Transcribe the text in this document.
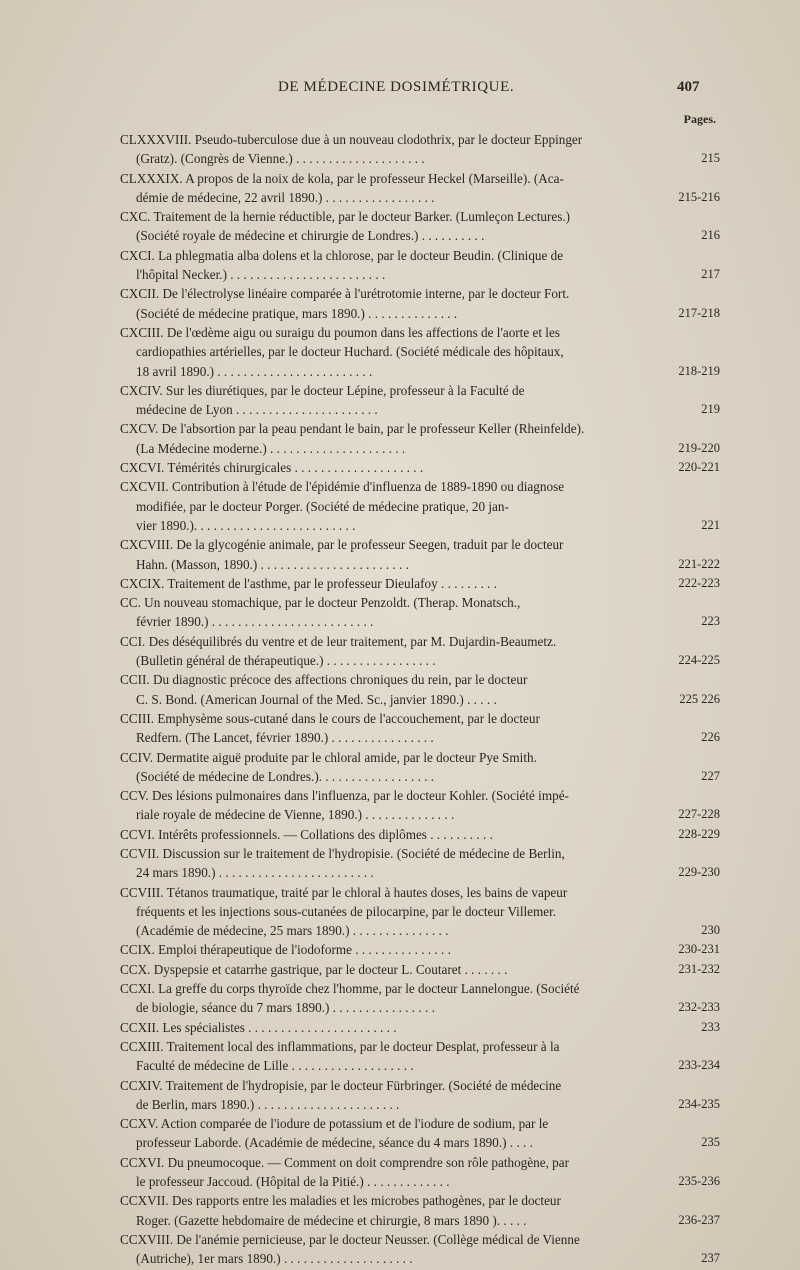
DE MÉDECINE DOSIMÉTRIQUE.	407
Pages.
CLXXXVIII. Pseudo-tuberculose due à un nouveau clodothrix, par le docteur Eppinger
(Gratz). (Congrès de Vienne.) . . . . . . . . . . . . . . . . . . . .	215
CLXXXIX. A propos de la noix de kola, par le professeur Heckel (Marseille). (Aca-
démie de médecine, 22 avril 1890.) . . . . . . . . . . . . . . . . .	215-216
CXC. Traitement de la hernie réductible, par le docteur Barker. (Lumleçon Lectures.)
(Société royale de médecine et chirurgie de Londres.) . . . . . . . . . .	216
CXCI. La phlegmatia alba dolens et la chlorose, par le docteur Beudin. (Clinique de
l'hôpital Necker.) . . . . . . . . . . . . . . . . . . . . . . . .	217
CXCII. De l'électrolyse linéaire comparée à l'urétrotomie interne, par le docteur Fort.
(Société de médecine pratique, mars 1890.) . . . . . . . . . . . . . .	217-218
CXCIII. De l'œdème aigu ou suraigu du poumon dans les affections de l'aorte et les
cardiopathies artérielles, par le docteur Huchard. (Société médicale des hôpitaux,
18 avril 1890.) . . . . . . . . . . . . . . . . . . . . . . . .	218-219
CXCIV. Sur les diurétiques, par le docteur Lépine, professeur à la Faculté de
médecine de Lyon . . . . . . . . . . . . . . . . . . . . . .	219
CXCV. De l'absortion par la peau pendant le bain, par le professeur Keller (Rheinfelde).
(La Médecine moderne.) . . . . . . . . . . . . . . . . . . . . .	219-220
CXCVI. Témérités chirurgicales . . . . . . . . . . . . . . . . . . . .	220-221
CXCVII. Contribution à l'étude de l'épidémie d'influenza de 1889-1890 ou diagnose
modifiée, par le docteur Porger. (Société de médecine pratique, 20 jan-
vier 1890.). . . . . . . . . . . . . . . . . . . . . . . . .	221
CXCVIII. De la glycogénie animale, par le professeur Seegen, traduit par le docteur
Hahn. (Masson, 1890.) . . . . . . . . . . . . . . . . . . . . . . .	221-222
CXCIX. Traitement de l'asthme, par le professeur Dieulafoy . . . . . . . . .	222-223
CC. Un nouveau stomachique, par le docteur Penzoldt. (Therap. Monatsch.,
février 1890.) . . . . . . . . . . . . . . . . . . . . . . . . .	223
CCI. Des déséquilibrés du ventre et de leur traitement, par M. Dujardin-Beaumetz.
(Bulletin général de thérapeutique.) . . . . . . . . . . . . . . . . .	224-225
CCII. Du diagnostic précoce des affections chroniques du rein, par le docteur
C. S. Bond. (American Journal of the Med. Sc., janvier 1890.) . . . . .	225 226
CCIII. Emphysème sous-cutané dans le cours de l'accouchement, par le docteur
Redfern. (The Lancet, février 1890.) . . . . . . . . . . . . . . . .	226
CCIV. Dermatite aiguë produite par le chloral amide, par le docteur Pye Smith.
(Société de médecine de Londres.). . . . . . . . . . . . . . . . . .	227
CCV. Des lésions pulmonaires dans l'influenza, par le docteur Kohler. (Société impé-
riale royale de médecine de Vienne, 1890.) . . . . . . . . . . . . . .	227-228
CCVI. Intérêts professionnels. — Collations des diplômes . . . . . . . . . .	228-229
CCVII. Discussion sur le traitement de l'hydropisie. (Société de médecine de Berlin,
24 mars 1890.) . . . . . . . . . . . . . . . . . . . . . . . .	229-230
CCVIII. Tétanos traumatique, traité par le chloral à hautes doses, les bains de vapeur
fréquents et les injections sous-cutanées de pilocarpine, par le docteur Villemer.
(Académie de médecine, 25 mars 1890.) . . . . . . . . . . . . . . .	230
CCIX. Emploi thérapeutique de l'iodoforme . . . . . . . . . . . . . . .	230-231
CCX. Dyspepsie et catarrhe gastrique, par le docteur L. Coutaret . . . . . . .	231-232
CCXI. La greffe du corps thyroïde chez l'homme, par le docteur Lannelongue. (Société
de biologie, séance du 7 mars 1890.) . . . . . . . . . . . . . . . .	232-233
CCXII. Les spécialistes . . . . . . . . . . . . . . . . . . . . . . .	233
CCXIII. Traitement local des inflammations, par le docteur Desplat, professeur à la
Faculté de médecine de Lille . . . . . . . . . . . . . . . . . . .	233-234
CCXIV. Traitement de l'hydropisie, par le docteur Fürbringer. (Société de médecine
de Berlin, mars 1890.) . . . . . . . . . . . . . . . . . . . . . .	234-235
CCXV. Action comparée de l'iodure de potassium et de l'iodure de sodium, par le
professeur Laborde. (Académie de médecine, séance du 4 mars 1890.) . . . .	235
CCXVI. Du pneumocoque. — Comment on doit comprendre son rôle pathogène, par
le professeur Jaccoud. (Hôpital de la Pitié.) . . . . . . . . . . . . .	235-236
CCXVII. Des rapports entre les maladies et les microbes pathogènes, par le docteur
Roger. (Gazette hebdomaire de médecine et chirurgie, 8 mars 1890 ). . . . .	236-237
CCXVIII. De l'anémie pernicieuse, par le docteur Neusser. (Collège médical de Vienne
(Autriche), 1er mars 1890.) . . . . . . . . . . . . . . . . . . . .	237
